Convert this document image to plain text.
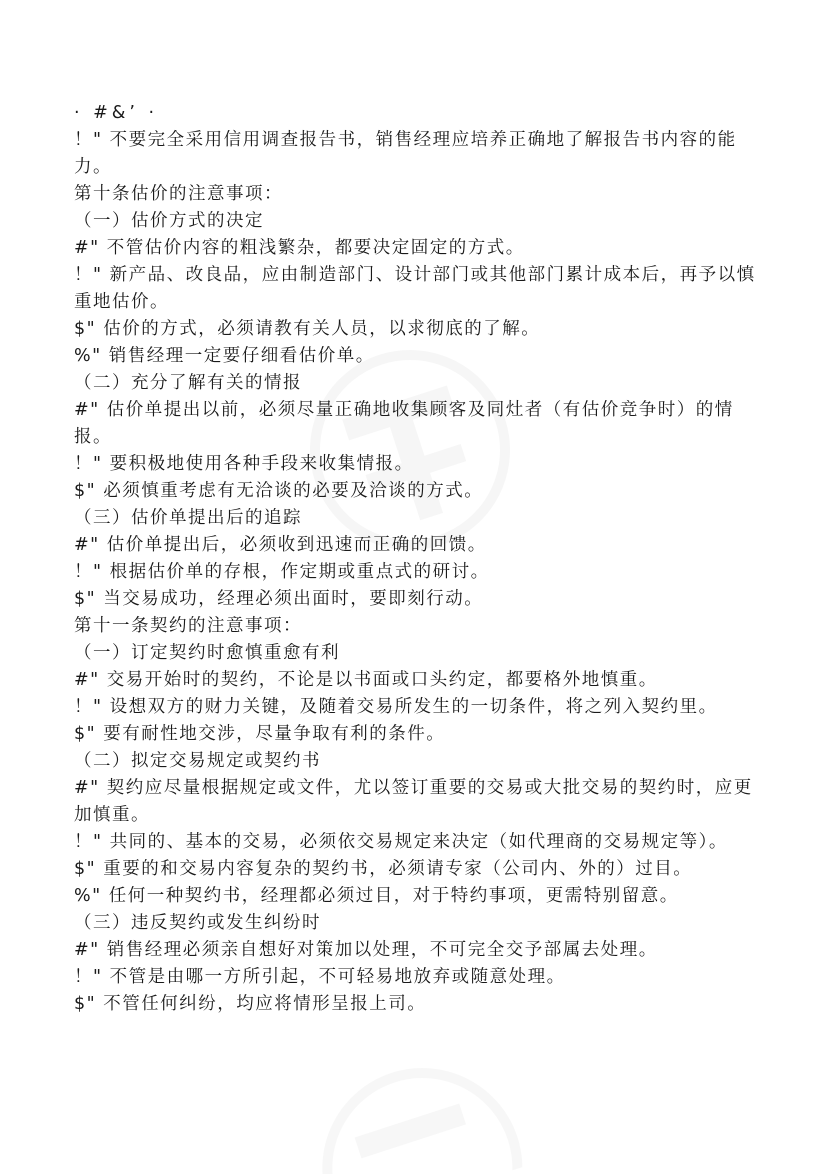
· #&’ ·
！" 不要完全采用信用调查报告书，销售经理应培养正确地了解报告书内容的能力。
第十条估价的注意事项：
（一）估价方式的决定
#" 不管估价内容的粗浅繁杂，都要决定固定的方式。
！" 新产品、改良品，应由制造部门、设计部门或其他部门累计成本后，再予以慎重地估价。
$" 估价的方式，必须请教有关人员，以求彻底的了解。
%" 销售经理一定要仔细看估价单。
（二）充分了解有关的情报
#" 估价单提出以前，必须尽量正确地收集顾客及同灶者（有估价竞争时）的情报。
！" 要积极地使用各种手段来收集情报。
$" 必须慎重考虑有无洽谈的必要及洽谈的方式。
（三）估价单提出后的追踪
#" 估价单提出后，必须收到迅速而正确的回馈。
！" 根据估价单的存根，作定期或重点式的研讨。
$" 当交易成功，经理必须出面时，要即刻行动。
第十一条契约的注意事项：
（一）订定契约时愈慎重愈有利
#" 交易开始时的契约，不论是以书面或口头约定，都要格外地慎重。
！" 设想双方的财力关键，及随着交易所发生的一切条件，将之列入契约里。
$" 要有耐性地交涉，尽量争取有利的条件。
（二）拟定交易规定或契约书
#" 契约应尽量根据规定或文件，尤以签订重要的交易或大批交易的契约时，应更加慎重。
！" 共同的、基本的交易，必须依交易规定来决定（如代理商的交易规定等）。
$" 重要的和交易内容复杂的契约书，必须请专家（公司内、外的）过目。
%" 任何一种契约书，经理都必须过目，对于特约事项，更需特别留意。
（三）违反契约或发生纠纷时
#" 销售经理必须亲自想好对策加以处理，不可完全交予部属去处理。
！" 不管是由哪一方所引起，不可轻易地放弃或随意处理。
$" 不管任何纠纷，均应将情形呈报上司。
